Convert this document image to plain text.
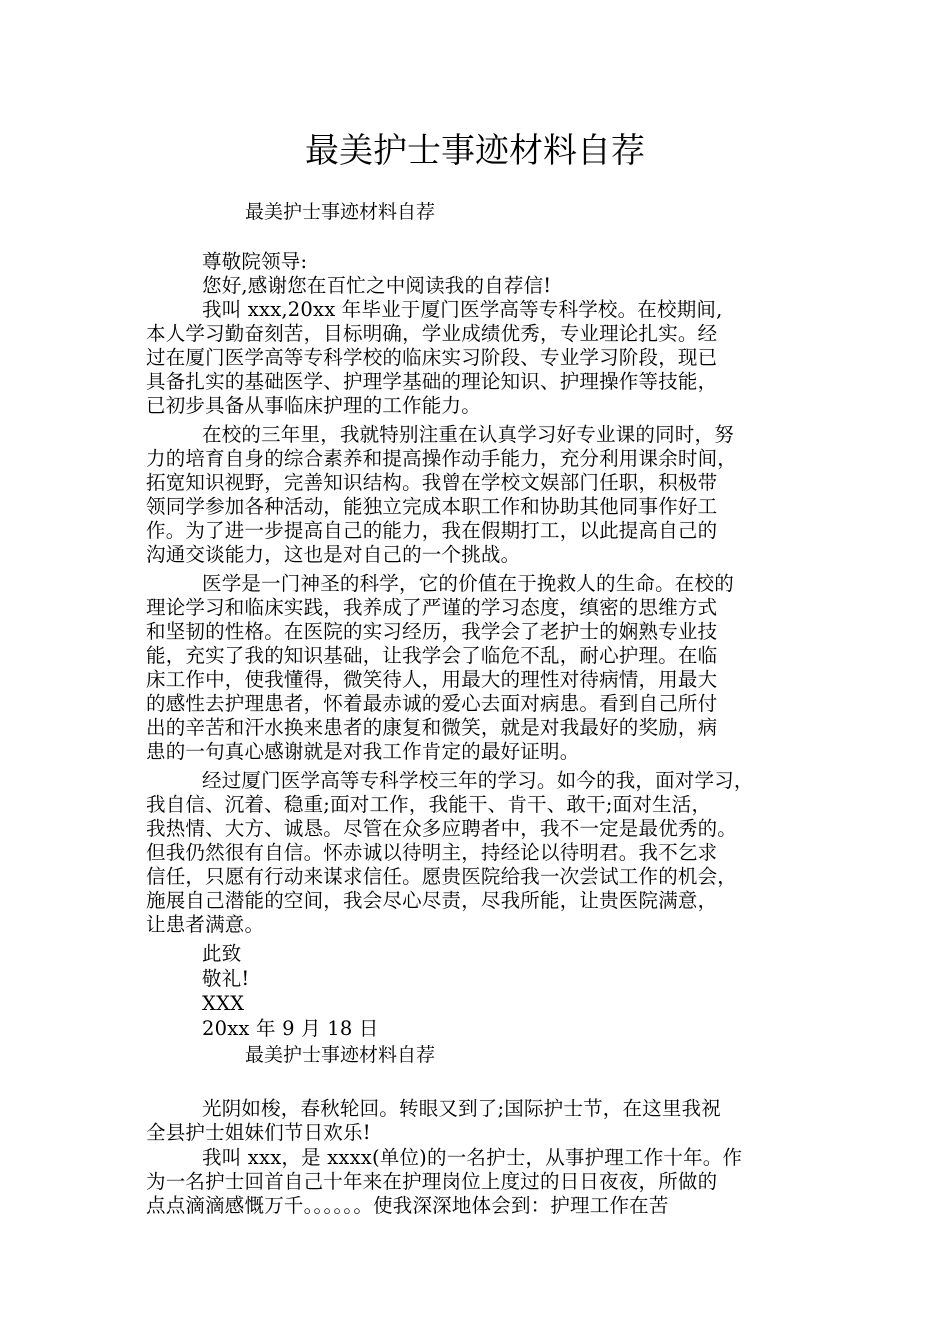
最美护士事迹材料自荐
最美护士事迹材料自荐
尊敬院领导:
您好,感谢您在百忙之中阅读我的自荐信!
我叫 xxx,20xx 年毕业于厦门医学高等专科学校。在校期间,
本人学习勤奋刻苦，目标明确，学业成绩优秀，专业理论扎实。经
过在厦门医学高等专科学校的临床实习阶段、专业学习阶段，现已
具备扎实的基础医学、护理学基础的理论知识、护理操作等技能，
已初步具备从事临床护理的工作能力。
在校的三年里，我就特别注重在认真学习好专业课的同时，努
力的培育自身的综合素养和提高操作动手能力，充分利用课余时间，
拓宽知识视野，完善知识结构。我曾在学校文娱部门任职，积极带
领同学参加各种活动，能独立完成本职工作和协助其他同事作好工
作。为了进一步提高自己的能力，我在假期打工，以此提高自己的
沟通交谈能力，这也是对自己的一个挑战。
医学是一门神圣的科学，它的价值在于挽救人的生命。在校的
理论学习和临床实践，我养成了严谨的学习态度，缜密的思维方式
和坚韧的性格。在医院的实习经历，我学会了老护士的娴熟专业技
能，充实了我的知识基础，让我学会了临危不乱，耐心护理。在临
床工作中，使我懂得，微笑待人，用最大的理性对待病情，用最大
的感性去护理患者，怀着最赤诚的爱心去面对病患。看到自己所付
出的辛苦和汗水换来患者的康复和微笑，就是对我最好的奖励，病
患的一句真心感谢就是对我工作肯定的最好证明。
经过厦门医学高等专科学校三年的学习。如今的我，面对学习，
我自信、沉着、稳重;面对工作，我能干、肯干、敢干;面对生活，
我热情、大方、诚恳。尽管在众多应聘者中，我不一定是最优秀的。
但我仍然很有自信。怀赤诚以待明主，持经论以待明君。我不乞求
信任，只愿有行动来谋求信任。愿贵医院给我一次尝试工作的机会，
施展自己潜能的空间，我会尽心尽责，尽我所能，让贵医院满意，
让患者满意。
此致
敬礼!
XXX
20xx 年 9 月 18 日
最美护士事迹材料自荐
光阴如梭，春秋轮回。转眼又到了;国际护士节，在这里我祝
全县护士姐妹们节日欢乐!
我叫 xxx，是 xxxx(单位)的一名护士，从事护理工作十年。作
为一名护士回首自己十年来在护理岗位上度过的日日夜夜，所做的
点点滴滴感慨万千。。。。。。使我深深地体会到：护理工作在苦
